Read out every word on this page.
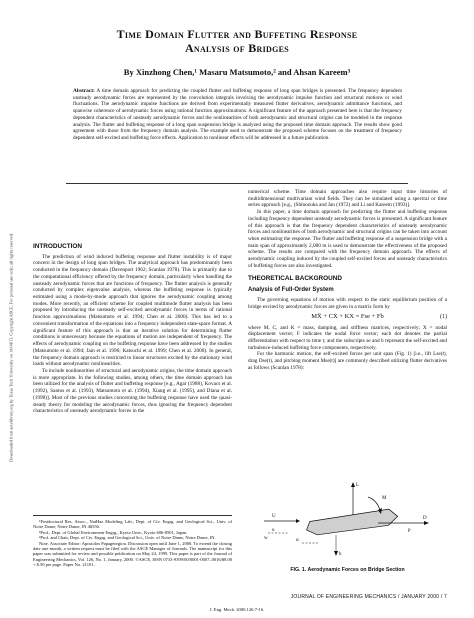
Downloaded from ascelibrary.org by Texas Tech University on 10/04/13. Copyright ASCE. For personal use only; all rights reserved.
Time Domain Flutter and Buffeting Response
Analysis of Bridges
By Xinzhong Chen,¹ Masaru Matsumoto,² and Ahsan Kareem³
Abstract: A time domain approach for predicting the coupled flutter and buffeting response of long span bridges is presented. The frequency dependent unsteady aerodynamic forces are represented by the convolution integrals involving the aerodynamic impulse function and structural motions or wind fluctuations. The aerodynamic impulse functions are derived from experimentally measured flutter derivatives, aerodynamic admittance functions, and spanwise coherence of aerodynamic forces using rational function approximations. A significant feature of the approach presented here is that the frequency dependent characteristics of unsteady aerodynamic forces and the nonlinearities of both aerodynamic and structural origins can be modeled in the response analysis. The flutter and buffeting response of a long span suspension bridge is analyzed using the proposed time domain approach. The results show good agreement with those from the frequency domain analysis. The example used to demonstrate the proposed scheme focuses on the treatment of frequency dependent self-excited and buffeting force effects. Application to nonlinear effects will be addressed in a future publication.
INTRODUCTION

The prediction of wind induced buffeting response and flutter instability is of major concern in the design of long span bridges. The analytical approach has predominantly been conducted in the frequency domain (Davenport 1962; Scanlan 1978). This is primarily due to the computational efficiency offered by the frequency domain, particularly when handling the unsteady aerodynamic forces that are functions of frequency. The flutter analysis is generally conducted by complex eigenvalue analysis, whereas the buffeting response is typically estimated using a mode-by-mode approach that ignores the aerodynamic coupling among modes. More recently, an efficient scheme for coupled multimode flutter analysis has been proposed by introducing the unsteady self-excited aerodynamic forces in terms of rational function approximations (Matsumoto et al. 1994; Chen et al. 2000). This has led to a convenient transformation of the equations into a frequency independent state-space format. A significant feature of this approach is that an iterative solution for determining flutter conditions is unnecessary because the equations of motion are independent of frequency. The effects of aerodynamic coupling on the buffeting response have been addressed by the studies (Matsumoto et al. 1994; Jain et al. 1996; Katsuchi et al. 1999; Chen et al. 2000). In general, the frequency domain approach is restricted to linear structures excited by the stationary wind loads without aerodynamic nonlinearities.

To include nonlinearities of structural and aerodynamic origins, the time domain approach is more appropriate. In the following studies, among others, the time domain approach has been utilized for the analysis of flutter and buffeting response [e.g., Agar (1988), Kovacs et al. (1992), Santos et al. (1993), Matsumoto et al. (1994), Xiang et al. (1995), and Diana et al. (1998)]. Most of the previous studies concerning the buffeting response have used the quasi-steady theory for modeling the aerodynamic forces, thus ignoring the frequency dependent characteristics of unsteady aerodynamic forces in the

¹Postdoctoral Res. Assoc., NatHaz Modeling Lab., Dept. of Civ. Engrg. and Geological Sci., Univ. of Notre Dame, Notre Dame, IN 46556.

²Prof., Dept. of Global Environment Engrg., Kyoto Univ., Kyoto 606-8501, Japan.

³Prof. and Chair, Dept. of Civ. Engrg. and Geological Sci., Univ. of Notre Dame, Notre Dame, IN.

Note. Associate Editor: Apostolos Papageorgiou. Discussion open until June 1, 2000. To extend the closing date one month, a written request must be filed with the ASCE Manager of Journals. The manuscript for this paper was submitted for review and possible publication on May 24, 1999. This paper is part of the Journal of Engineering Mechanics, Vol. 126, No. 1, January, 2000. ©ASCE, ISSN 0733-9399/00/0001-0007–0016/$8.00 + $.50 per page. Paper No. 21101.

numerical scheme. Time domain approaches also require input time histories of multidimensional multivariant wind fields. They can be simulated using a spectral or time series approach [e.g., (Shinozuka and Jan (1972) and Li and Kareem (1993)].

In this paper, a time domain approach for predicting the flutter and buffeting response including frequency dependent unsteady aerodynamic forces is presented. A significant feature of this approach is that the frequency dependent characteristics of unsteady aerodynamic forces and nonlinearities of both aerodynamic and structural origins can be taken into account when estimating the response. The flutter and buffeting response of a suspension bridge with a main span of approximately 2,000 m is used to demonstrate the effectiveness of the proposed scheme. The results are compared with the frequency domain approach. The effects of aerodynamic coupling induced by the coupled self-excited forces and unsteady characteristics of buffeting forces are also investigated.

THEORETICAL BACKGROUND
Analysis of Full-Order System

The governing equations of motion with respect to the static equilibrium position of a bridge excited by aerodynamic forces are given in a matrix form by

MẌ + CẊ + KX = Fse + Fb	(1)

where M, C, and K = mass, damping, and stiffness matrices, respectively; X = nodal displacement vector; F indicates the nodal force vector; each dot denotes the partial differentiation with respect to time t; and the subscripts se and b represent the self-excited and turbulence-induced buffeting force components, respectively.

For the harmonic motion, the self-excited forces per unit span (Fig. 1) [i.e., lift Lse(t), drag Dse(t), and pitching moment Mse(t)] are commonly described utilizing flutter derivatives as follows (Scanlan 1978):

L
M
D
α
h
p
U
u
w
FIG. 1. Aerodynamic Forces on Bridge Section
JOURNAL OF ENGINEERING MECHANICS / JANUARY 2000 / 7
J. Eng. Mech. 2000.126:7-16.
